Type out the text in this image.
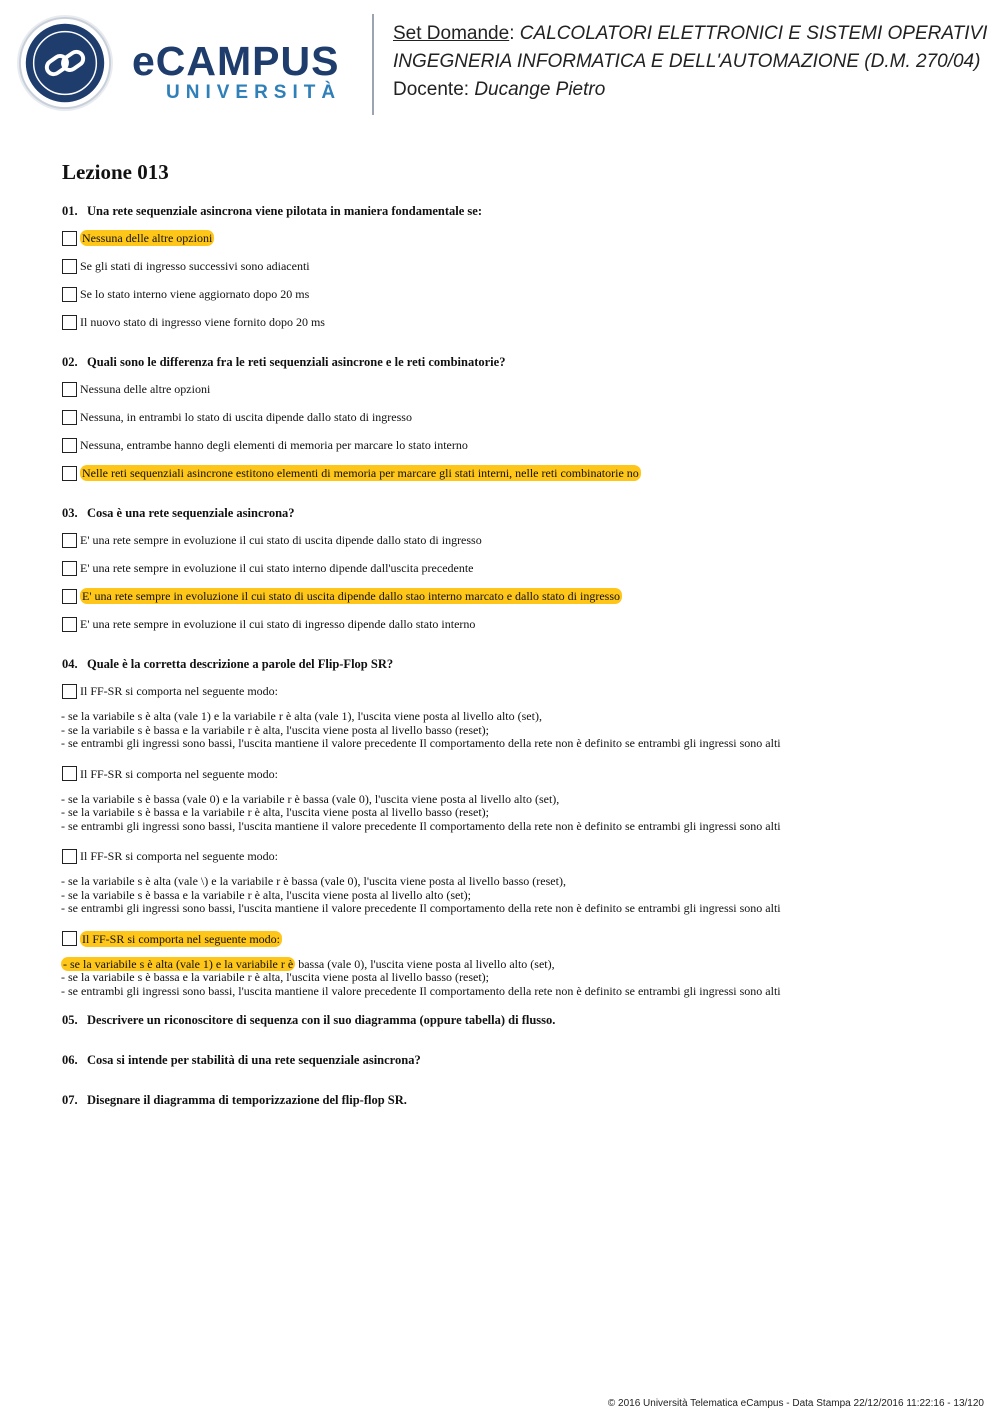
eCAMPUS
UNIVERSITÀ
Set Domande: CALCOLATORI ELETTRONICI E SISTEMI OPERATIVI
INGEGNERIA INFORMATICA E DELL'AUTOMAZIONE (D.M. 270/04)
Docente: Ducange Pietro
Lezione 013
01. Una rete sequenziale asincrona viene pilotata in maniera fondamentale se:
Nessuna delle altre opzioni
Se gli stati di ingresso successivi sono adiacenti
Se lo stato interno viene aggiornato dopo 20 ms
Il nuovo stato di ingresso viene fornito dopo 20 ms
02. Quali sono le differenza fra le reti sequenziali asincrone e le reti combinatorie?
Nessuna delle altre opzioni
Nessuna, in entrambi lo stato di uscita dipende dallo stato di ingresso
Nessuna, entrambe hanno degli elementi di memoria per marcare lo stato interno
Nelle reti sequenziali asincrone estitono elementi di memoria per marcare gli stati interni, nelle reti combinatorie no
03. Cosa è una rete sequenziale asincrona?
E' una rete sempre in evoluzione il cui stato di uscita dipende dallo stato di ingresso
E' una rete sempre in evoluzione il cui stato interno dipende dall'uscita precedente
E' una rete sempre in evoluzione il cui stato di uscita dipende dallo stao interno marcato e dallo stato di ingresso
E' una rete sempre in evoluzione il cui stato di ingresso dipende dallo stato interno
04. Quale è la corretta descrizione a parole del Flip-Flop SR?
Il FF-SR si comporta nel seguente modo:
- se la variabile s è alta (vale 1) e la variabile r è alta (vale 1), l'uscita viene posta al livello alto (set),
- se la variabile s è bassa e la variabile r è alta, l'uscita viene posta al livello basso (reset);
- se entrambi gli ingressi sono bassi, l'uscita mantiene il valore precedente Il comportamento della rete non è definito se entrambi gli ingressi sono alti
Il FF-SR si comporta nel seguente modo:
- se la variabile s è bassa (vale 0) e la variabile r è bassa (vale 0), l'uscita viene posta al livello alto (set),
- se la variabile s è bassa e la variabile r è alta, l'uscita viene posta al livello basso (reset);
- se entrambi gli ingressi sono bassi, l'uscita mantiene il valore precedente Il comportamento della rete non è definito se entrambi gli ingressi sono alti
Il FF-SR si comporta nel seguente modo:
- se la variabile s è alta (vale \) e la variabile r è bassa (vale 0), l'uscita viene posta al livello basso (reset),
- se la variabile s è bassa e la variabile r è alta, l'uscita viene posta al livello alto (set);
- se entrambi gli ingressi sono bassi, l'uscita mantiene il valore precedente Il comportamento della rete non è definito se entrambi gli ingressi sono alti
Il FF-SR si comporta nel seguente modo:
- se la variabile s è alta (vale 1) e la variabile r è bassa (vale 0), l'uscita viene posta al livello alto (set),
- se la variabile s è bassa e la variabile r è alta, l'uscita viene posta al livello basso (reset);
- se entrambi gli ingressi sono bassi, l'uscita mantiene il valore precedente Il comportamento della rete non è definito se entrambi gli ingressi sono alti
05. Descrivere un riconoscitore di sequenza con il suo diagramma (oppure tabella) di flusso.
06. Cosa si intende per stabilità di una rete sequenziale asincrona?
07. Disegnare il diagramma di temporizzazione del flip-flop SR.
© 2016 Università Telematica eCampus - Data Stampa 22/12/2016 11:22:16 - 13/120
